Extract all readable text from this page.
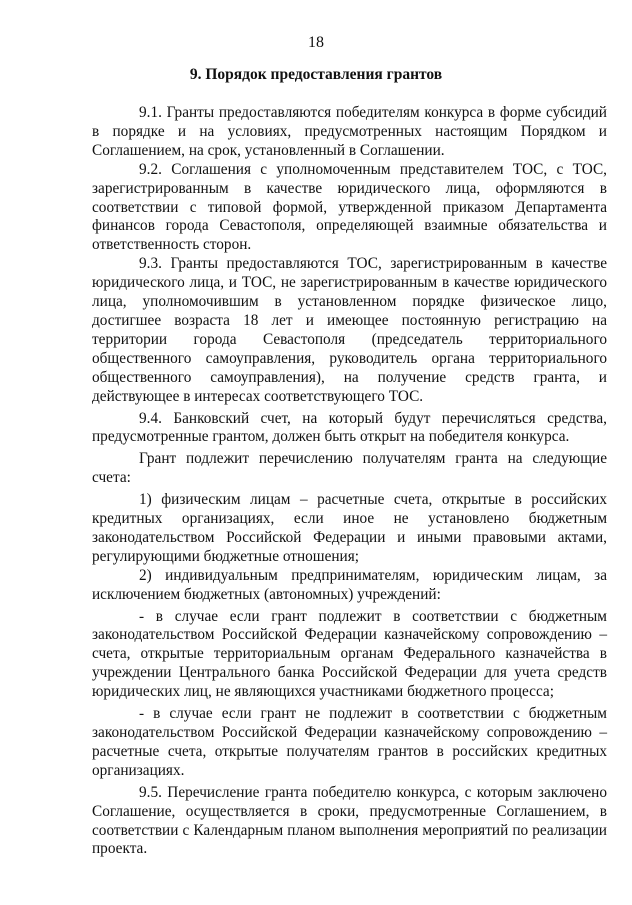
18
9. Порядок предоставления грантов

9.1. Гранты предоставляются победителям конкурса в форме субсидий в порядке и на условиях, предусмотренных настоящим Порядком и Соглашением, на срок, установленный в Соглашении.

9.2. Соглашения с уполномоченным представителем ТОС, с ТОС, зарегистрированным в качестве юридического лица, оформляются в соответствии с типовой формой, утвержденной приказом Департамента финансов города Севастополя, определяющей взаимные обязательства и ответственность сторон.

9.3. Гранты предоставляются ТОС, зарегистрированным в качестве юридического лица, и ТОС, не зарегистрированным в качестве юридического лица, уполномочившим в установленном порядке физическое лицо, достигшее возраста 18 лет и имеющее постоянную регистрацию на территории города Севастополя (председатель территориального общественного самоуправления, руководитель органа территориального общественного самоуправления), на получение средств гранта, и действующее в интересах соответствующего ТОС.

9.4. Банковский счет, на который будут перечисляться средства, предусмотренные грантом, должен быть открыт на победителя конкурса.

Грант подлежит перечислению получателям гранта на следующие счета:

1) физическим лицам – расчетные счета, открытые в российских кредитных организациях, если иное не установлено бюджетным законодательством Российской Федерации и иными правовыми актами, регулирующими бюджетные отношения;

2) индивидуальным предпринимателям, юридическим лицам, за исключением бюджетных (автономных) учреждений:

- в случае если грант подлежит в соответствии с бюджетным законодательством Российской Федерации казначейскому сопровождению – счета, открытые территориальным органам Федерального казначейства в учреждении Центрального банка Российской Федерации для учета средств юридических лиц, не являющихся участниками бюджетного процесса;

- в случае если грант не подлежит в соответствии с бюджетным законодательством Российской Федерации казначейскому сопровождению – расчетные счета, открытые получателям грантов в российских кредитных организациях.

9.5. Перечисление гранта победителю конкурса, с которым заключено Соглашение, осуществляется в сроки, предусмотренные Соглашением, в соответствии с Календарным планом выполнения мероприятий по реализации проекта.
